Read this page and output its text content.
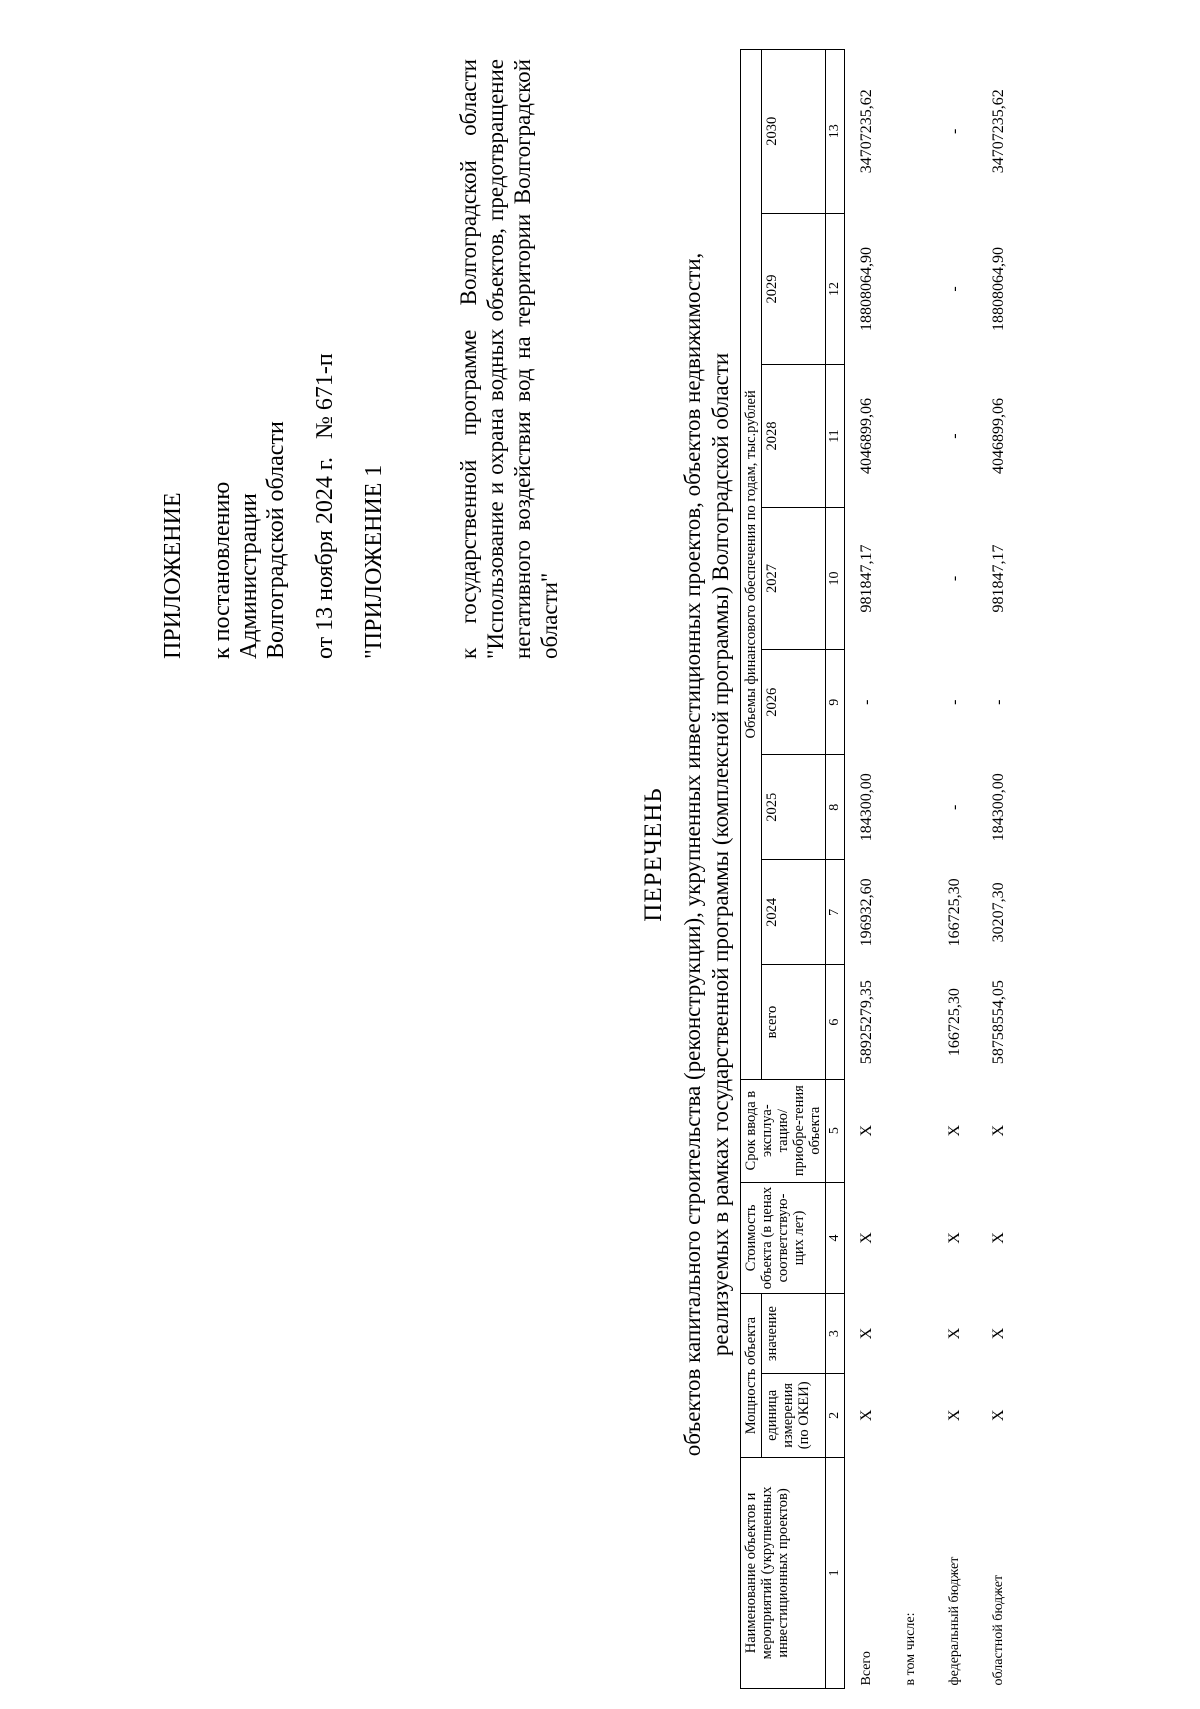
ПРИЛОЖЕНИЕ к постановлению Администрации Волгоградской области от 13 ноября 2024 г.   № 671-п "ПРИЛОЖЕНИЕ 1	к государственной программе Волгоградской области "Использование и охрана водных объектов, предотвращение негативного воздействия вод на территории Волгоградской области"
ПЕРЕЧЕНЬ объектов капитального строительства (реконструкции), укрупненных инвестиционных проектов, объектов недвижимости, реализуемых в рамках государственной программы (комплексной программы) Волгоградской области
Наименование объектов и мероприятий (укрупненных инвестиционных проектов)	Мощность объекта		Стоимость объекта (в ценах соответствую-щих лет)	Срок ввода в эксплуа-тацию/ приобре-тения объекта	Объемы финансового обеспечения по годам, тыс.рублей							
	единица измерения (по ОКЕИ)	значение			всего	2024	2025	2026	2027	2028	2029	2030

1	2	3	4	5	6	7	8	9	10	11	12	13
Всего	Х	Х	Х	Х	58925279,35	196932,60	184300,00	-	981847,17	4046899,06	18808064,90	34707235,62
в том числе:												
федеральный бюджет	Х	Х	Х	Х	166725,30	166725,30	-	-	-	-	-	-
областной бюджет	Х	Х	Х	Х	58758554,05	30207,30	184300,00	-	981847,17	4046899,06	18808064,90	34707235,62
